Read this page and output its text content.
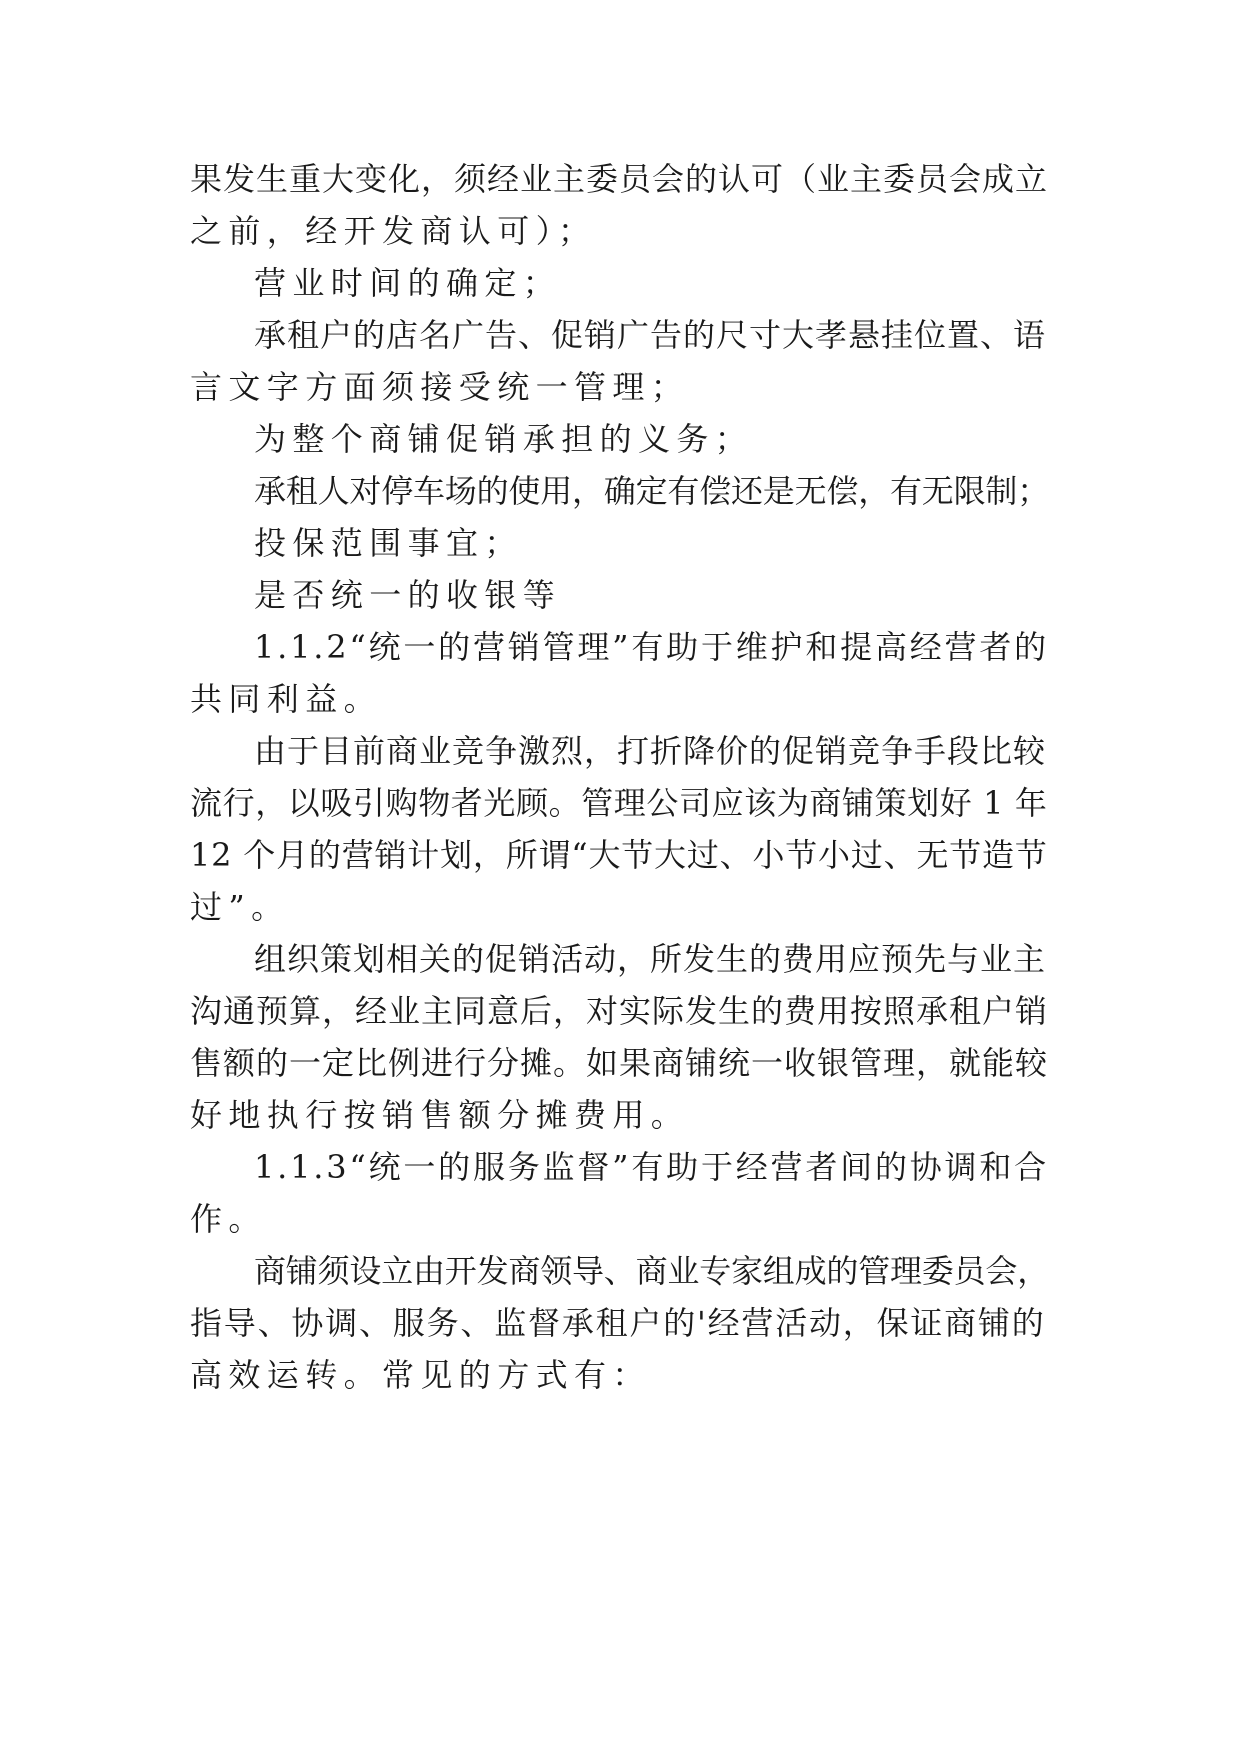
果发生重大变化，须经业主委员会的认可（业主委员会成立
之前，经开发商认可）；
营业时间的确定；
承租户的店名广告、促销广告的尺寸大孝悬挂位置、语
言文字方面须接受统一管理；
为整个商铺促销承担的义务；
承租人对停车场的使用，确定有偿还是无偿，有无限制；
投保范围事宜；
是否统一的收银等
1.1.2“统一的营销管理”有助于维护和提高经营者的
共同利益。
由于目前商业竞争激烈，打折降价的促销竞争手段比较
流行，以吸引购物者光顾。管理公司应该为商铺策划好 1 年
12 个月的营销计划，所谓“大节大过、小节小过、无节造节
过”。
组织策划相关的促销活动，所发生的费用应预先与业主
沟通预算，经业主同意后，对实际发生的费用按照承租户销
售额的一定比例进行分摊。如果商铺统一收银管理，就能较
好地执行按销售额分摊费用。
1.1.3“统一的服务监督”有助于经营者间的协调和合
作。
商铺须设立由开发商领导、商业专家组成的管理委员会，
指导、协调、服务、监督承租户的'经营活动，保证商铺的
高效运转。常见的方式有：
